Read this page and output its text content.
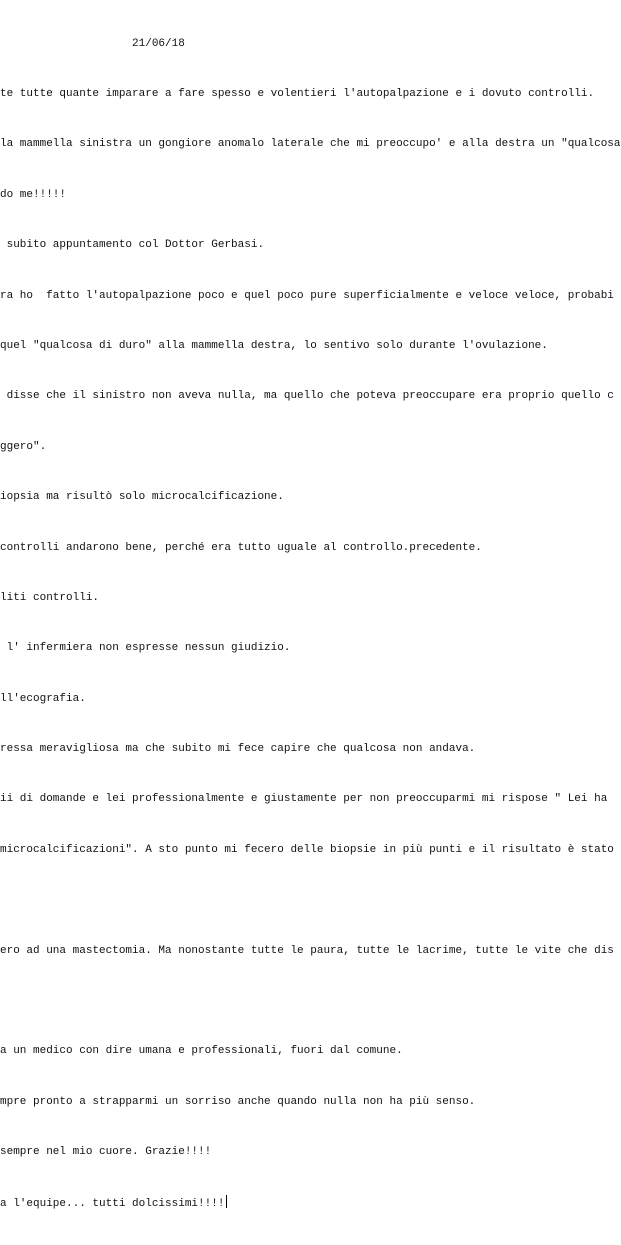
21/06/18

te tutte quante imparare a fare spesso e volentieri l'autopalpazione e i dovuto controlli.

la mammella sinistra un gongiore anomalo laterale che mi preoccupo' e alla destra un "qualcosa

do me!!!!!

subito appuntamento col Dottor Gerbasi.

ra ho  fatto l'autopalpazione poco e quel poco pure superficialmente e veloce veloce, probabi

quel "qualcosa di duro" alla mammella destra, lo sentivo solo durante l'ovulazione.

disse che il sinistro non aveva nulla, ma quello che poteva preoccupare era proprio quello c

ggero".

iopsia ma risultò solo microcalcificazione.

controlli andarono bene, perché era tutto uguale al controllo.precedente.

liti controlli.

l' infermiera non espresse nessun giudizio.

ll'ecografia.

ressa meravigliosa ma che subito mi fece capire che qualcosa non andava.

ii di domande e lei professionalmente e giustamente per non preoccuparmi mi rispose " Lei ha

microcalcificazioni". A sto punto mi fecero delle biopsie in più punti e il risultato è stato

ero ad una mastectomia. Ma nonostante tutte le paura, tutte le lacrime, tutte le vite che dis

a un medico con dire umana e professionali, fuori dal comune.

mpre pronto a strapparmi un sorriso anche quando nulla non ha più senso.

sempre nel mio cuore. Grazie!!!!

a l'equipe... tutti dolcissimi!!!!
